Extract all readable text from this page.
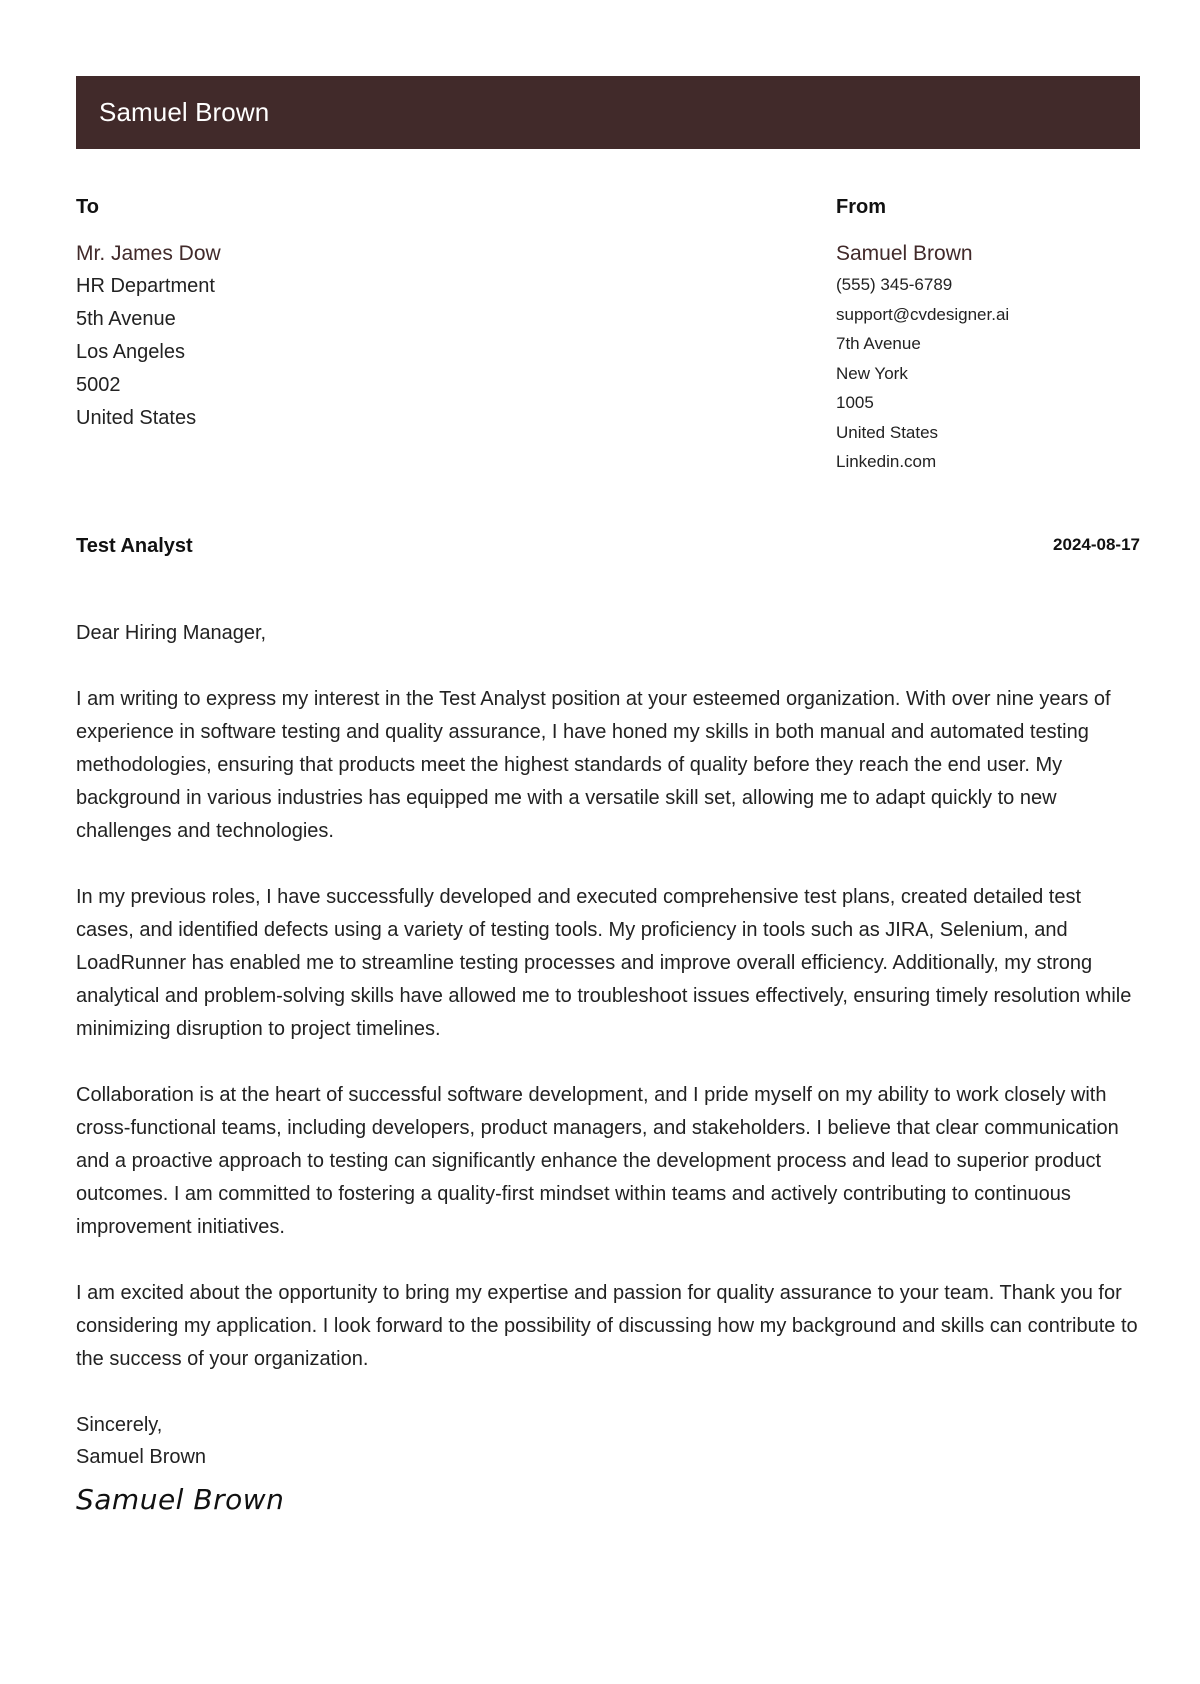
Samuel Brown
To
Mr. James Dow
HR Department
5th Avenue
Los Angeles
5002
United States
From
Samuel Brown
(555) 345-6789
support@cvdesigner.ai
7th Avenue
New York
1005
United States
Linkedin.com
Test Analyst	2024-08-17

Dear Hiring Manager,

I am writing to express my interest in the Test Analyst position at your esteemed organization. With over nine years of experience in software testing and quality assurance, I have honed my skills in both manual and automated testing methodologies, ensuring that products meet the highest standards of quality before they reach the end user. My background in various industries has equipped me with a versatile skill set, allowing me to adapt quickly to new challenges and technologies.

In my previous roles, I have successfully developed and executed comprehensive test plans, created detailed test cases, and identified defects using a variety of testing tools. My proficiency in tools such as JIRA, Selenium, and LoadRunner has enabled me to streamline testing processes and improve overall efficiency. Additionally, my strong analytical and problem-solving skills have allowed me to troubleshoot issues effectively, ensuring timely resolution while minimizing disruption to project timelines.

Collaboration is at the heart of successful software development, and I pride myself on my ability to work closely with cross-functional teams, including developers, product managers, and stakeholders. I believe that clear communication and a proactive approach to testing can significantly enhance the development process and lead to superior product outcomes. I am committed to fostering a quality-first mindset within teams and actively contributing to continuous improvement initiatives.

I am excited about the opportunity to bring my expertise and passion for quality assurance to your team. Thank you for considering my application. I look forward to the possibility of discussing how my background and skills can contribute to the success of your organization.

Sincerely,
Samuel Brown
Samuel Brown
